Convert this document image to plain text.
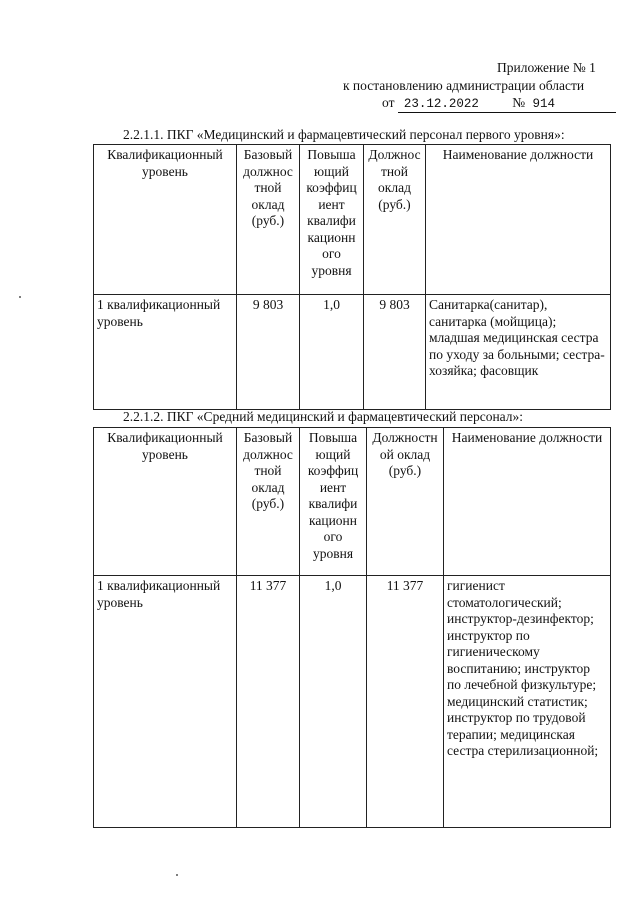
Приложение № 1
к постановлению администрации области
от 23.12.2022 № 914
2.2.1.1. ПКГ «Медицинский и фармацевтический персонал первого уровня»:
Квалификационный уровень	Базовый должнос тной оклад (руб.)	Повыша ющий коэффиц иент квалифи кационн ого уровня	Должнос тной оклад (руб.)	Наименование должности
1 квалификационный уровень	9 803	1,0	9 803	Санитарка(санитар), санитарка (мойщица); младшая медицинская сестра по уходу за больными; сестра-хозяйка; фасовщик
2.2.1.2. ПКГ «Средний медицинский и фармацевтический персонал»:
Квалификационный уровень	Базовый должнос тной оклад (руб.)	Повыша ющий коэффиц иент квалифи кационн ого уровня	Должностн ой оклад (руб.)	Наименование должности
1 квалификационный уровень	11 377	1,0	11 377	гигиенист стоматологический; инструктор-дезинфектор; инструктор по гигиеническому воспитанию; инструктор по лечебной физкультуре; медицинский статистик; инструктор по трудовой терапии; медицинская сестра стерилизационной;
